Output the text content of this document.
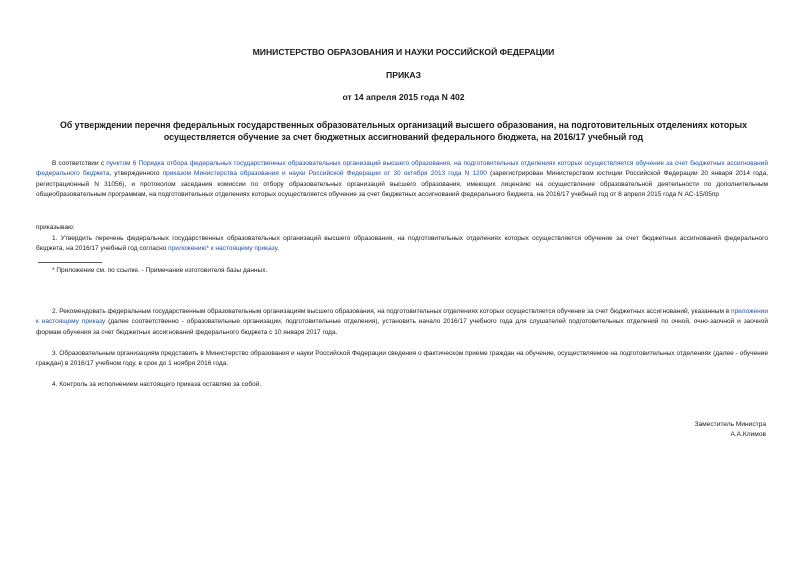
МИНИСТЕРСТВО ОБРАЗОВАНИЯ И НАУКИ РОССИЙСКОЙ ФЕДЕРАЦИИ
ПРИКАЗ
от 14 апреля 2015 года N 402
Об утверждении перечня федеральных государственных образовательных организаций высшего образования, на подготовительных отделениях которых осуществляется обучение за счет бюджетных ассигнований федерального бюджета, на 2016/17 учебный год
В соответствии с пунктом 6 Порядка отбора федеральных государственных образовательных организаций высшего образования, на подготовительных отделениях которых осуществляется обучение за счет бюджетных ассигнований федерального бюджета, утвержденного приказом Министерства образования и науки Российской Федерации от 30 октября 2013 года N 1200 (зарегистрирован Министерством юстиции Российской Федерации 20 января 2014 года, регистрационный N 31056), и протоколом заседания комиссии по отбору образовательных организаций высшего образования, имеющих лицензию на осуществление образовательной деятельности по дополнительным общеобразовательным программам, на подготовительных отделениях которых осуществляется обучение за счет бюджетных ассигнований федерального бюджета, на 2016/17 учебный год от 8 апреля 2015 года N АС-15/05пр
приказываю:
1. Утвердить перечень федеральных государственных образовательных организаций высшего образования, на подготовительных отделениях которых осуществляется обучение за счет бюджетных ассигнований федерального бюджета, на 2016/17 учебный год согласно приложению* к настоящему приказу.
* Приложение см. по ссылке. - Примечание изготовителя базы данных.
2. Рекомендовать федеральным государственным образовательным организациям высшего образования, на подготовительных отделениях которых осуществляется обучение за счет бюджетных ассигнований, указанным в приложении к настоящему приказу (далее соответственно - образовательные организации, подготовительные отделения), установить начало 2016/17 учебного года для слушателей подготовительных отделений по очной, очно-заочной и заочной формам обучения за счет бюджетных ассигнований федерального бюджета с 10 января 2017 года.
3. Образовательным организациям представить в Министерство образования и науки Российской Федерации сведения о фактическом приеме граждан на обучение, осуществляемое на подготовительных отделениях (далее - обучение граждан) в 2016/17 учебном году, в срок до 1 ноября 2016 года.
4. Контроль за исполнением настоящего приказа оставляю за собой.
Заместитель Министра
А.А.Климов
